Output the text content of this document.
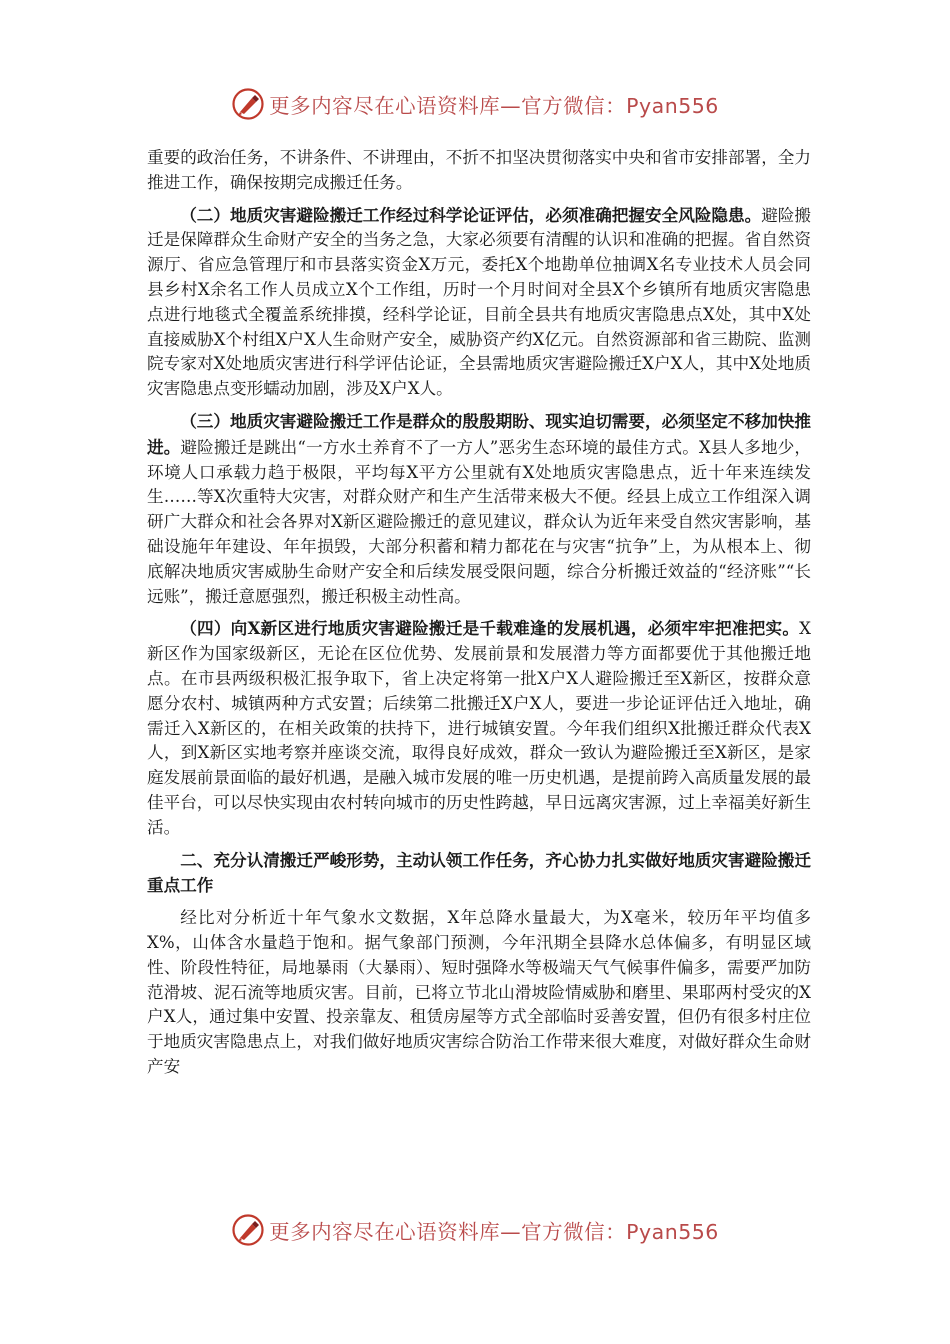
更多内容尽在心语资料库—官方微信：Pyan556

重要的政治任务，不讲条件、不讲理由，不折不扣坚决贯彻落实中央和省市安排部署，全力推进工作，确保按期完成搬迁任务。

（二）地质灾害避险搬迁工作经过科学论证评估，必须准确把握安全风险隐患。避险搬迁是保障群众生命财产安全的当务之急，大家必须要有清醒的认识和准确的把握。省自然资源厅、省应急管理厅和市县落实资金X万元，委托X个地勘单位抽调X名专业技术人员会同县乡村X余名工作人员成立X个工作组，历时一个月时间对全县X个乡镇所有地质灾害隐患点进行地毯式全覆盖系统排摸，经科学论证，目前全县共有地质灾害隐患点X处，其中X处直接威胁X个村组X户X人生命财产安全，威胁资产约X亿元。自然资源部和省三勘院、监测院专家对X处地质灾害进行科学评估论证，全县需地质灾害避险搬迁X户X人，其中X处地质灾害隐患点变形蠕动加剧，涉及X户X人。

（三）地质灾害避险搬迁工作是群众的殷殷期盼、现实迫切需要，必须坚定不移加快推进。避险搬迁是跳出“一方水土养育不了一方人”恶劣生态环境的最佳方式。X县人多地少，环境人口承载力趋于极限，平均每X平方公里就有X处地质灾害隐患点，近十年来连续发生……等X次重特大灾害，对群众财产和生产生活带来极大不便。经县上成立工作组深入调研广大群众和社会各界对X新区避险搬迁的意见建议，群众认为近年来受自然灾害影响，基础设施年年建设、年年损毁，大部分积蓄和精力都花在与灾害“抗争”上，为从根本上、彻底解决地质灾害威胁生命财产安全和后续发展受限问题，综合分析搬迁效益的“经济账”“长远账”，搬迁意愿强烈，搬迁积极主动性高。

（四）向X新区进行地质灾害避险搬迁是千载难逢的发展机遇，必须牢牢把准把实。X新区作为国家级新区，无论在区位优势、发展前景和发展潜力等方面都要优于其他搬迁地点。在市县两级积极汇报争取下，省上决定将第一批X户X人避险搬迁至X新区，按群众意愿分农村、城镇两种方式安置；后续第二批搬迁X户X人，要进一步论证评估迁入地址，确需迁入X新区的，在相关政策的扶持下，进行城镇安置。今年我们组织X批搬迁群众代表X人，到X新区实地考察并座谈交流，取得良好成效，群众一致认为避险搬迁至X新区，是家庭发展前景面临的最好机遇，是融入城市发展的唯一历史机遇，是提前跨入高质量发展的最佳平台，可以尽快实现由农村转向城市的历史性跨越，早日远离灾害源，过上幸福美好新生活。

二、充分认清搬迁严峻形势，主动认领工作任务，齐心协力扎实做好地质灾害避险搬迁重点工作

经比对分析近十年气象水文数据，X年总降水量最大，为X毫米，较历年平均值多X%，山体含水量趋于饱和。据气象部门预测，今年汛期全县降水总体偏多，有明显区域性、阶段性特征，局地暴雨（大暴雨）、短时强降水等极端天气气候事件偏多，需要严加防范滑坡、泥石流等地质灾害。目前，已将立节北山滑坡险情威胁和磨里、果耶两村受灾的X户X人，通过集中安置、投亲靠友、租赁房屋等方式全部临时妥善安置，但仍有很多村庄位于地质灾害隐患点上，对我们做好地质灾害综合防治工作带来很大难度，对做好群众生命财产安

更多内容尽在心语资料库—官方微信：Pyan556
